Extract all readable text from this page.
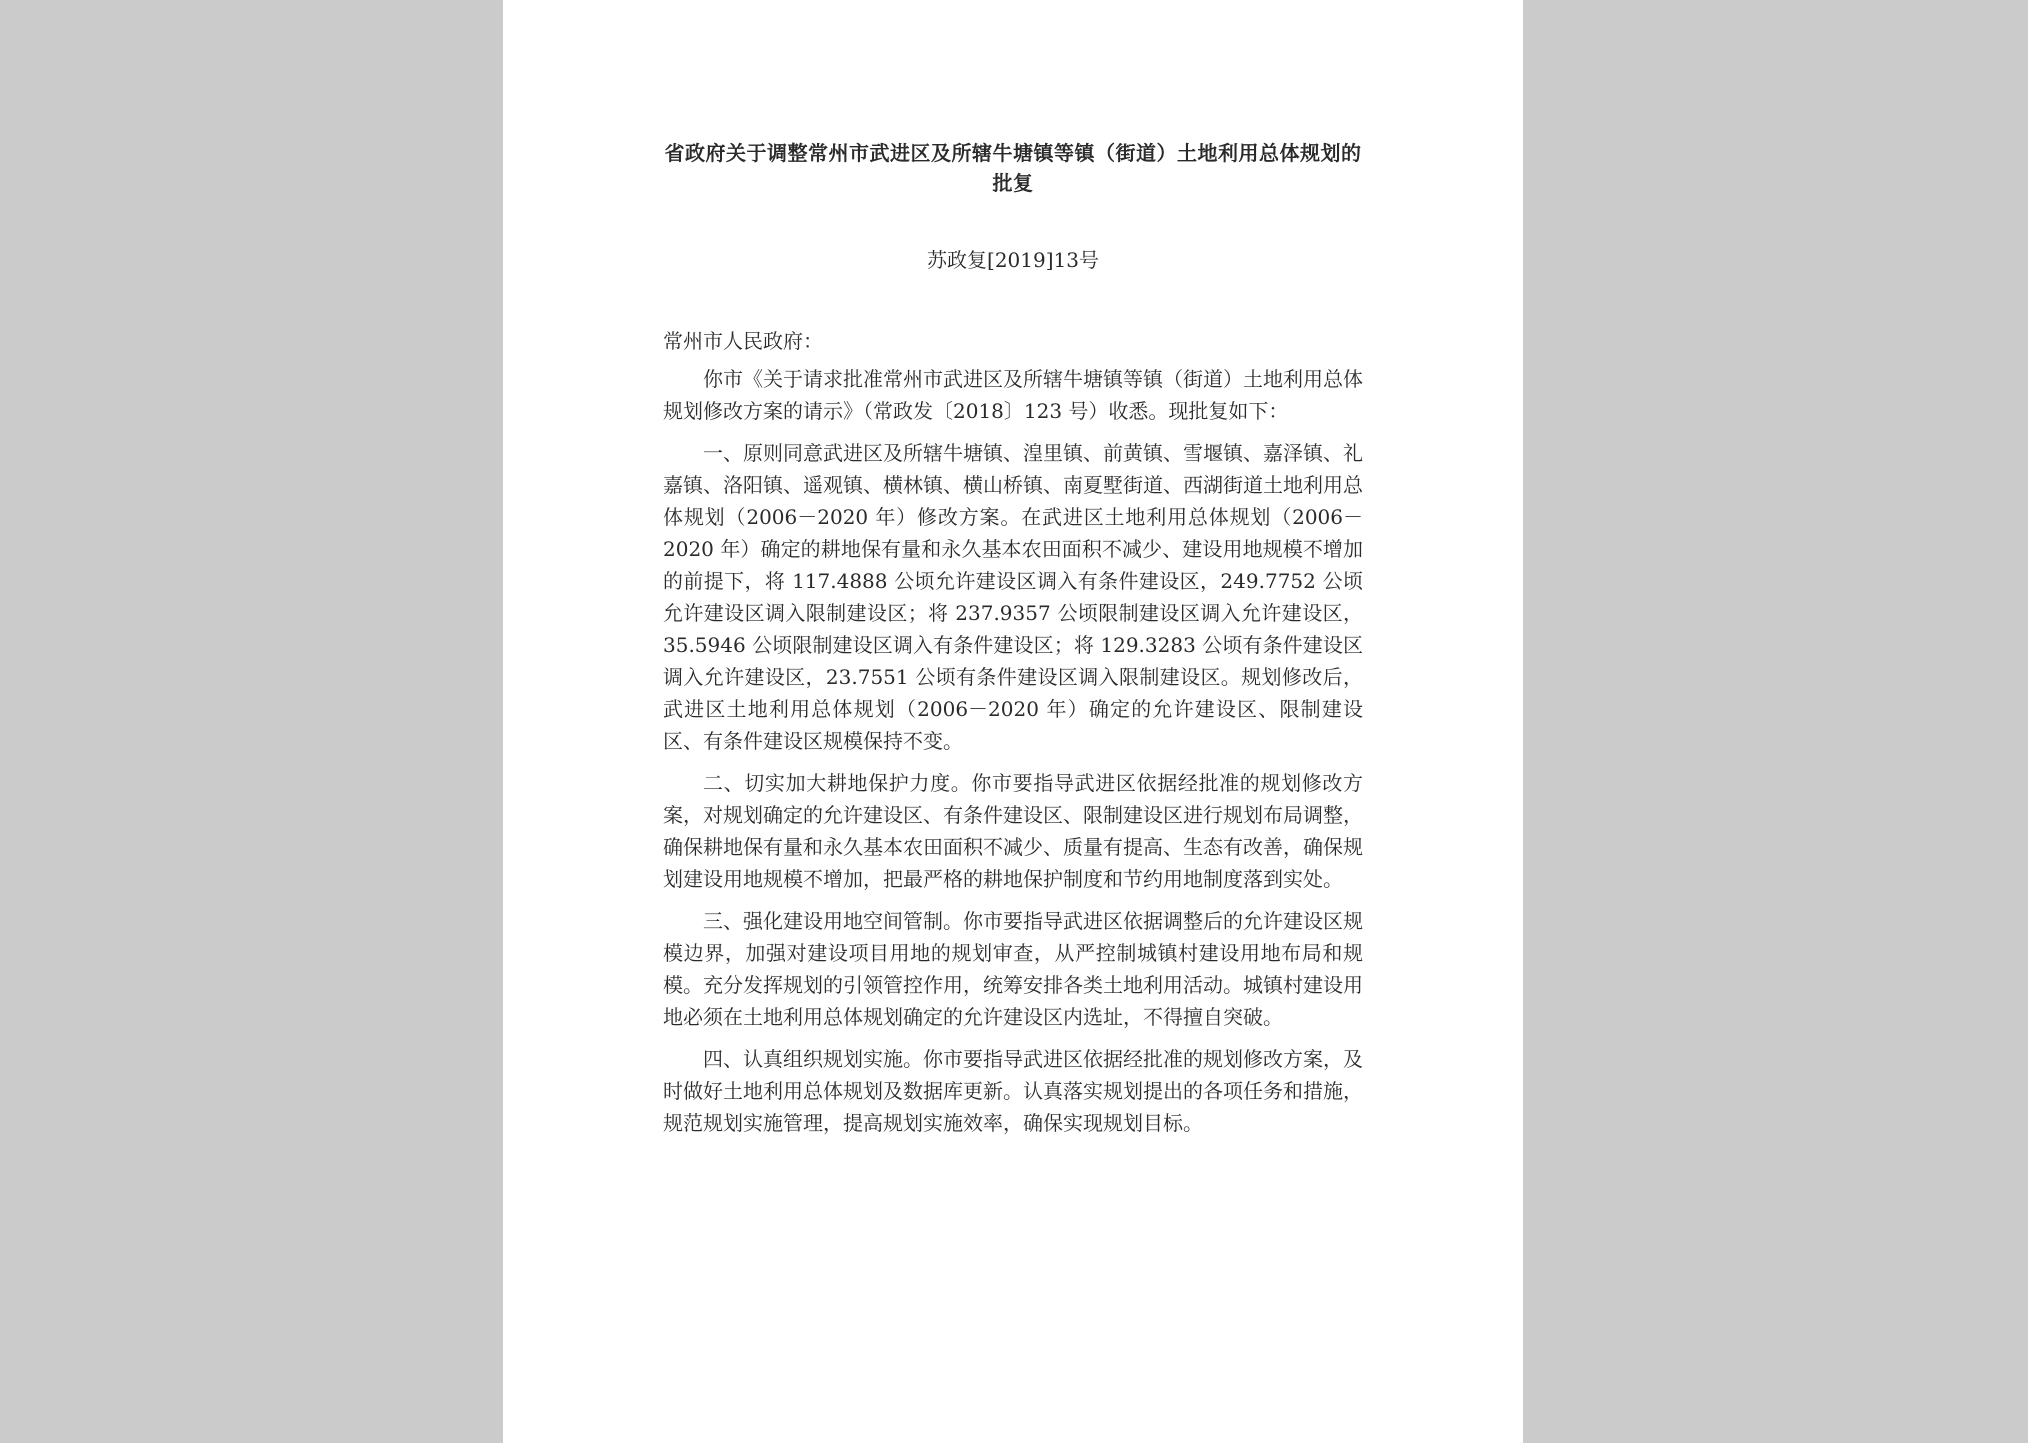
省政府关于调整常州市武进区及所辖牛塘镇等镇（街道）土地利用总体规划的批复
苏政复[2019]13号

常州市人民政府：

你市《关于请求批准常州市武进区及所辖牛塘镇等镇（街道）土地利用总体规划修改方案的请示》（常政发〔2018〕123 号）收悉。现批复如下：

一、原则同意武进区及所辖牛塘镇、湟里镇、前黄镇、雪堰镇、嘉泽镇、礼嘉镇、洛阳镇、遥观镇、横林镇、横山桥镇、南夏墅街道、西湖街道土地利用总体规划（2006－2020 年）修改方案。在武进区土地利用总体规划（2006－2020 年）确定的耕地保有量和永久基本农田面积不减少、建设用地规模不增加的前提下，将 117.4888 公顷允许建设区调入有条件建设区，249.7752 公顷允许建设区调入限制建设区；将 237.9357 公顷限制建设区调入允许建设区，35.5946 公顷限制建设区调入有条件建设区；将 129.3283 公顷有条件建设区调入允许建设区，23.7551 公顷有条件建设区调入限制建设区。规划修改后，武进区土地利用总体规划（2006－2020 年）确定的允许建设区、限制建设区、有条件建设区规模保持不变。

二、切实加大耕地保护力度。你市要指导武进区依据经批准的规划修改方案，对规划确定的允许建设区、有条件建设区、限制建设区进行规划布局调整，确保耕地保有量和永久基本农田面积不减少、质量有提高、生态有改善，确保规划建设用地规模不增加，把最严格的耕地保护制度和节约用地制度落到实处。

三、强化建设用地空间管制。你市要指导武进区依据调整后的允许建设区规模边界，加强对建设项目用地的规划审查，从严控制城镇村建设用地布局和规模。充分发挥规划的引领管控作用，统筹安排各类土地利用活动。城镇村建设用地必须在土地利用总体规划确定的允许建设区内选址，不得擅自突破。

四、认真组织规划实施。你市要指导武进区依据经批准的规划修改方案，及时做好土地利用总体规划及数据库更新。认真落实规划提出的各项任务和措施，规范规划实施管理，提高规划实施效率，确保实现规划目标。
